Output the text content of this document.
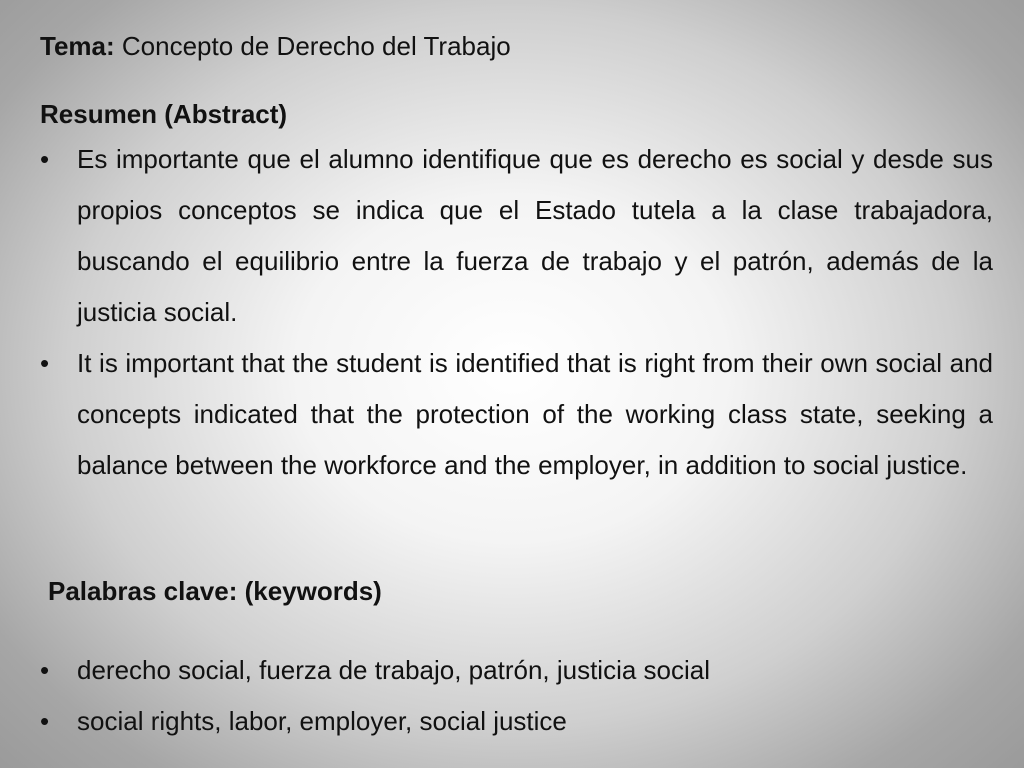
Tema: Concepto de Derecho del Trabajo
Resumen (Abstract)
• Es importante que el alumno identifique que es derecho es social y desde sus propios conceptos se indica que el Estado tutela a la clase trabajadora, buscando el equilibrio entre la fuerza de trabajo y el patrón, además de la justicia social.

• It is important that the student is identified that is right from their own social and concepts indicated that the protection of the working class state, seeking a balance between the workforce and the employer, in addition to social justice.

Palabras clave: (keywords)
• derecho social, fuerza de trabajo, patrón, justicia social
• social rights, labor, employer, social justice
